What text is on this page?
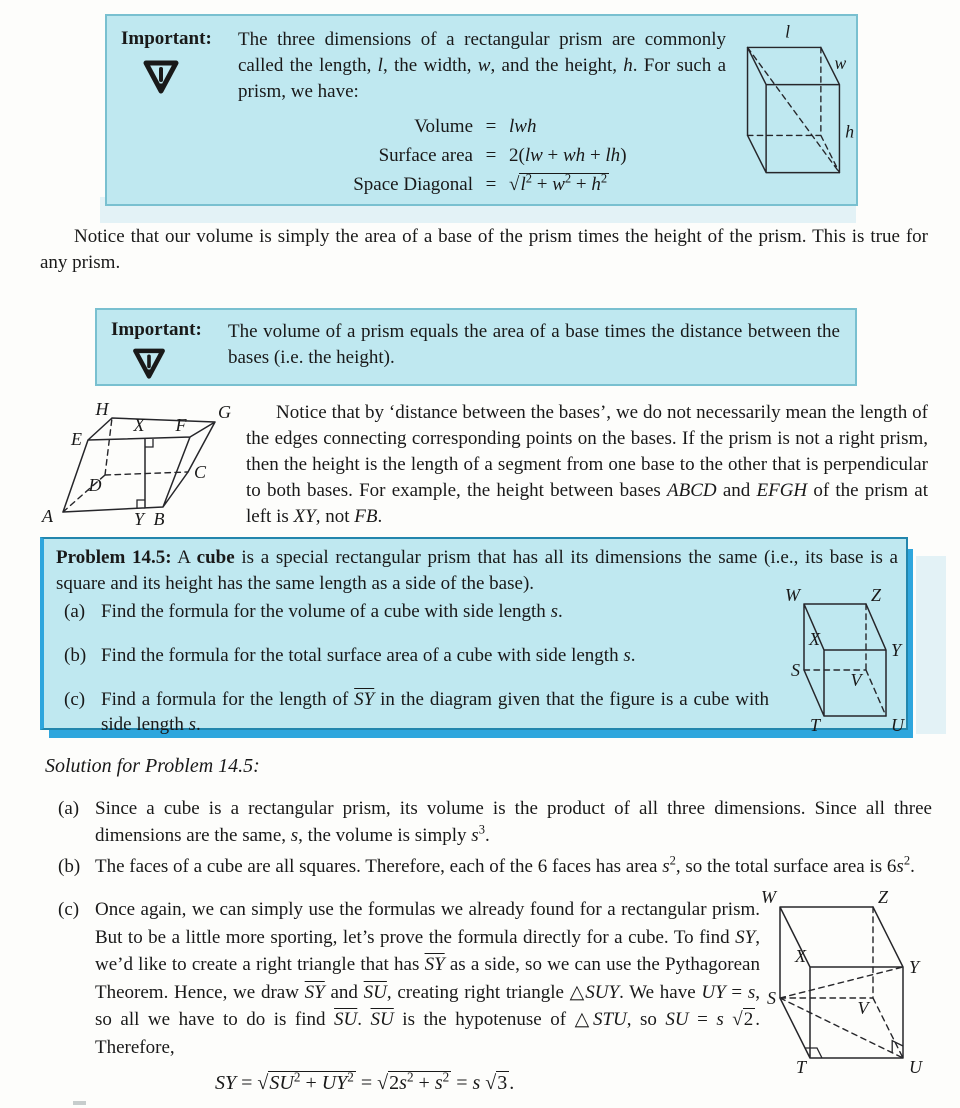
Important: The three dimensions of a rectangular prism are commonly called the length, l, the width, w, and the height, h. For such a prism, we have:
Volume = lwh
Surface area = 2(lw + wh + lh)
Space Diagonal = $√l^2 + w^2 + h^2$
l
w
h

Notice that our volume is simply the area of a base of the prism times the height of the prism. This is true for any prism.

Important: The volume of a prism equals the area of a base times the distance between the bases (i.e. the height).
H	G
E
F
X
D
C
A	Y B

Notice that by ‘distance between the bases’, we do not necessarily mean the length of the edges connecting corresponding points on the bases. If the prism is not a right prism, then the height is the length of a segment from one base to the other that is perpendicular to both bases. For example, the height between bases ABCD and EFGH of the prism at left is XY, not FB.

Problem 14.5: A cube is a special rectangular prism that has all its dimensions the same (i.e., its base is a square and its height has the same length as a side of the base).
(a) Find the formula for the volume of a cube with side length s.
(b) Find the formula for the total surface area of a cube with side length s.
(c) Find a formula for the length of $\overline{SY}$ in the diagram given that the figure is a cube with side length s.
W	Z
X
Y
S	V
T	U
Solution for Problem 14.5:
(a) Since a cube is a rectangular prism, its volume is the product of all three dimensions. Since all three dimensions are the same, s, the volume is simply $s^3$.
(b) The faces of a cube are all squares. Therefore, each of the 6 faces has area $s^2$, so the total surface area is $6s^2$.
(c) Once again, we can simply use the formulas we already found for a rectangular prism. But to be a little more sporting, let’s prove the formula directly for a cube. To find SY, we’d like to create a right triangle that has $\overline{SY}$ as a side, so we can use the Pythagorean Theorem. Hence, we draw $\overline{SY}$ and $\overline{SU}$, creating right triangle △SUY. We have UY = s, so all we have to do is find $\overline{SU}$. $\overline{SU}$ is the hypotenuse of △STU, so SU = s √2 . Therefore,
W	Z
X
Y
S	V
T	U
SY = $√SU^2 + UY^2 = √2s^2 + s^2 = s$ √3 .
